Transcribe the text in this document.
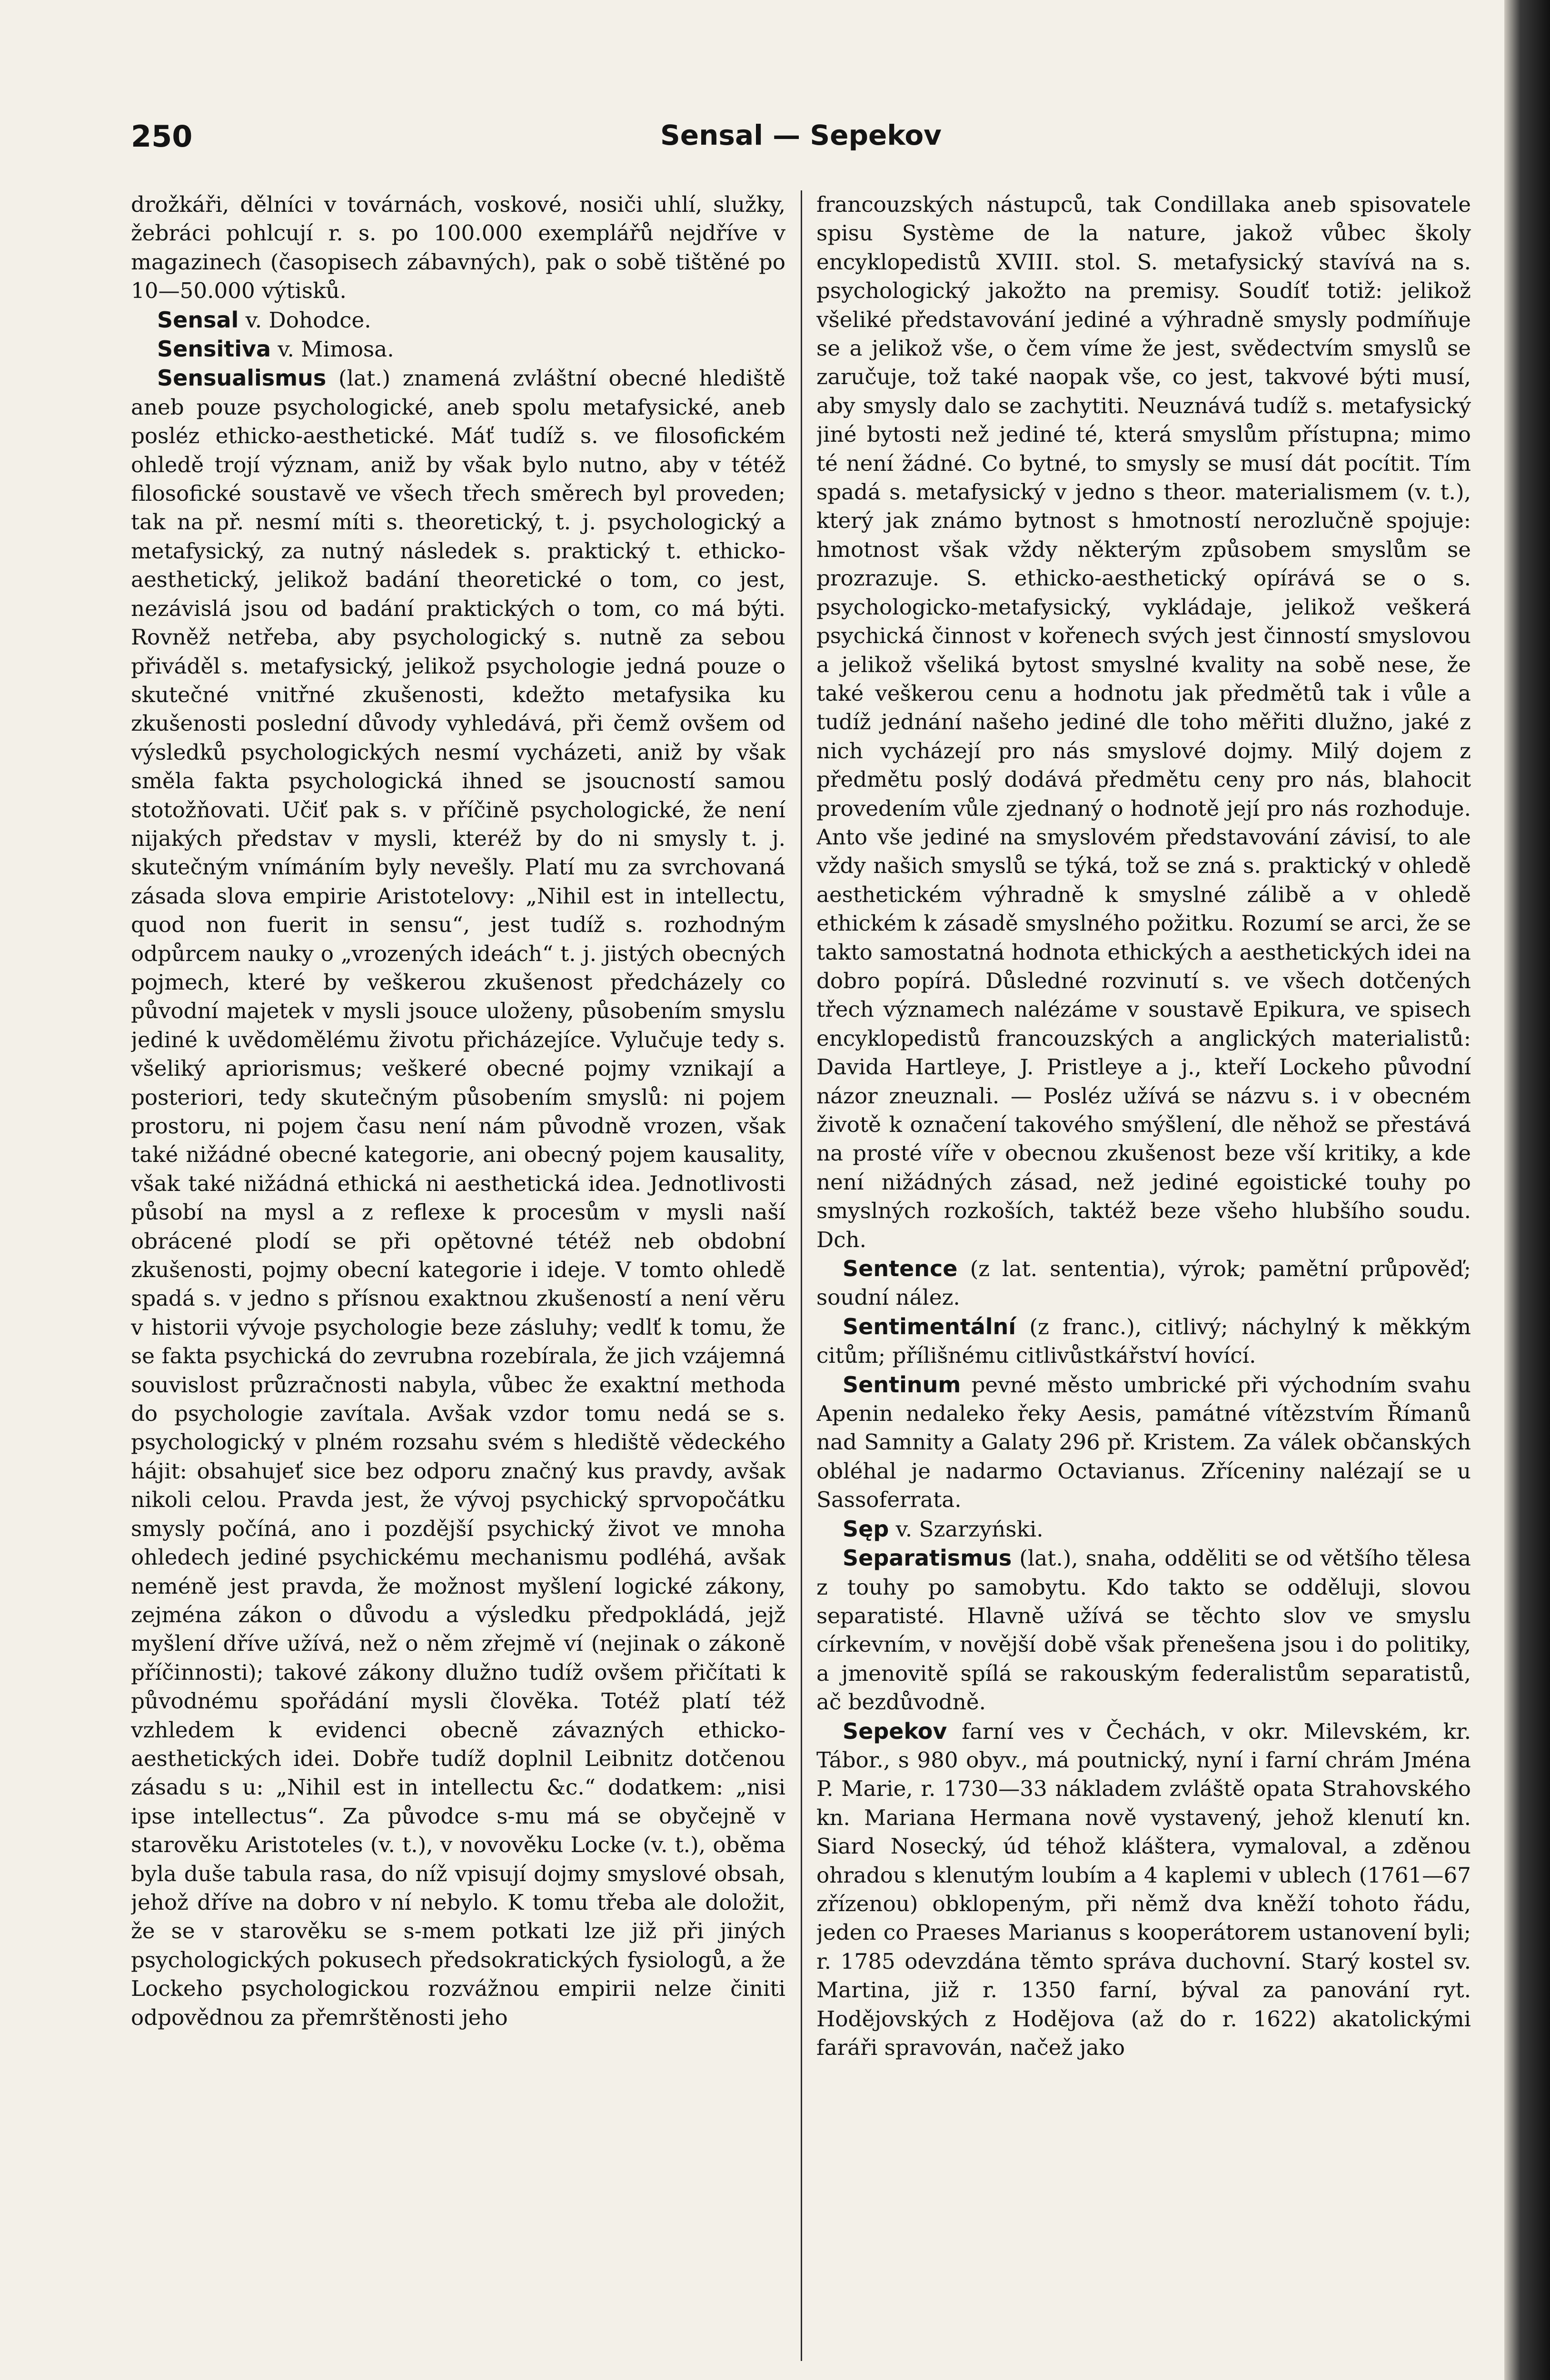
250	Sensal — Sepekov

drožkáři, dělníci v továrnách, voskové, nosiči uhlí, služky, žebráci pohlcují r. s. po 100.000 exemplářů nejdříve v magazinech (časopisech zábavných), pak o sobě tištěné po 10—50.000 výtisků.

Sensal v. Dohodce.

Sensitiva v. Mimosa.

Sensualismus (lat.) znamená zvláštní obecné hlediště aneb pouze psychologické, aneb spolu metafysické, aneb posléz ethicko-aesthetické. Máť tudíž s. ve filosofickém ohledě trojí význam, aniž by však bylo nutno, aby v tétéž filosofické soustavě ve všech třech směrech byl proveden; tak na př. nesmí míti s. theoretický, t. j. psychologický a metafysický, za nutný následek s. praktický t. ethicko-aesthetický, jelikož badání theoretické o tom, co jest, nezávislá jsou od badání praktických o tom, co má býti. Rovněž netřeba, aby psychologický s. nutně za sebou přiváděl s. metafysický, jelikož psychologie jedná pouze o skutečné vnitřné zkušenosti, kdežto metafysika ku zkušenosti poslední důvody vyhledává, při čemž ovšem od výsledků psychologických nesmí vycházeti, aniž by však směla fakta psychologická ihned se jsoucností samou stotožňovati. Učiť pak s. v příčině psychologické, že není nijakých představ v mysli, kteréž by do ni smysly t. j. skutečným vnímáním byly nevešly. Platí mu za svrchovaná zásada slova empirie Aristotelovy: „Nihil est in intellectu, quod non fuerit in sensu“, jest tudíž s. rozhodným odpůrcem nauky o „vrozených ideách“ t. j. jistých obecných pojmech, které by veškerou zkušenost předcházely co původní majetek v mysli jsouce uloženy, působením smyslu jediné k uvědomělému životu přicházejíce. Vylučuje tedy s. všeliký apriorismus; veškeré obecné pojmy vznikají a posteriori, tedy skutečným působením smyslů: ni pojem prostoru, ni pojem času není nám původně vrozen, však také nižádné obecné kategorie, ani obecný pojem kausality, však také nižádná ethická ni aesthetická idea. Jednotlivosti působí na mysl a z reflexe k procesům v mysli naší obrácené plodí se při opětovné tétéž neb obdobní zkušenosti, pojmy obecní kategorie i ideje. V tomto ohledě spadá s. v jedno s přísnou exaktnou zkušeností a není věru v historii vývoje psychologie beze zásluhy; vedlť k tomu, že se fakta psychická do zevrubna rozebírala, že jich vzájemná souvislost průzračnosti nabyla, vůbec že exaktní methoda do psychologie zavítala. Avšak vzdor tomu nedá se s. psychologický v plném rozsahu svém s hlediště vědeckého hájit: obsahujeť sice bez odporu značný kus pravdy, avšak nikoli celou. Pravda jest, že vývoj psychický sprvopočátku smysly počíná, ano i pozdější psychický život ve mnoha ohledech jediné psychickému mechanismu podléhá, avšak neméně jest pravda, že možnost myšlení logické zákony, zejména zákon o důvodu a výsledku předpokládá, jejž myšlení dříve užívá, než o něm zřejmě ví (nejinak o zákoně příčinnosti); takové zákony dlužno tudíž ovšem přičítati k původnému spořádání mysli člověka. Totéž platí též vzhledem k evidenci obecně závazných ethicko-aesthetických idei. Dobře tudíž doplnil Leibnitz dotčenou zásadu s u: „Nihil est in intellectu &c.“ dodatkem: „nisi ipse intellectus“. Za původce s-mu má se obyčejně v starověku Aristoteles (v. t.), v novověku Locke (v. t.), oběma byla duše tabula rasa, do níž vpisují dojmy smyslové obsah, jehož dříve na dobro v ní nebylo. K tomu třeba ale doložit, že se v starověku se s-mem potkati lze již při jiných psychologických pokusech předsokratických fysiologů, a že Lockeho psychologickou rozvážnou empirii nelze činiti odpovědnou za přemrštěnosti jeho

francouzských nástupců, tak Condillaka aneb spisovatele spisu Système de la nature, jakož vůbec školy encyklopedistů XVIII. stol. S. metafysický stavívá na s. psychologický jakožto na premisy. Soudíť totiž: jelikož všeliké představování jediné a výhradně smysly podmíňuje se a jelikož vše, o čem víme že jest, svědectvím smyslů se zaručuje, tož také naopak vše, co jest, takvové býti musí, aby smysly dalo se zachytiti. Neuznává tudíž s. metafysický jiné bytosti než jediné té, která smyslům přístupna; mimo té není žádné. Co bytné, to smysly se musí dát pocítit. Tím spadá s. metafysický v jedno s theor. materialismem (v. t.), který jak známo bytnost s hmotností nerozlučně spojuje: hmotnost však vždy některým způsobem smyslům se prozrazuje. S. ethicko-aesthetický opírává se o s. psychologicko-metafysický, vykládaje, jelikož veškerá psychická činnost v kořenech svých jest činností smyslovou a jelikož všeliká bytost smyslné kvality na sobě nese, že také veškerou cenu a hodnotu jak předmětů tak i vůle a tudíž jednání našeho jediné dle toho měřiti dlužno, jaké z nich vycházejí pro nás smyslové dojmy. Milý dojem z předmětu poslý dodává předmětu ceny pro nás, blahocit provedením vůle zjednaný o hodnotě její pro nás rozhoduje. Anto vše jediné na smyslovém představování závisí, to ale vždy našich smyslů se týká, tož se zná s. praktický v ohledě aesthetickém výhradně k smyslné zálibě a v ohledě ethickém k zásadě smyslného požitku. Rozumí se arci, že se takto samostatná hodnota ethických a aesthetických idei na dobro popírá. Důsledné rozvinutí s. ve všech dotčených třech významech nalézáme v soustavě Epikura, ve spisech encyklopedistů francouzských a anglických materialistů: Davida Hartleye, J. Pristleye a j., kteří Lockeho původní názor zneuznali. — Posléz užívá se názvu s. i v obecném životě k označení takového smýšlení, dle něhož se přestává na prosté víře v obecnou zkušenost beze vší kritiky, a kde není nižádných zásad, než jediné egoistické touhy po smyslných rozkoších, taktéž beze všeho hlubšího soudu. Dch.

Sentence (z lat. sententia), výrok; pamětní průpověď; soudní nález.

Sentimentální (z franc.), citlivý; náchylný k měkkým citům; přílišnému citlivůstkářství hovící.

Sentinum pevné město umbrické při východním svahu Apenin nedaleko řeky Aesis, památné vítězstvím Římanů nad Samnity a Galaty 296 př. Kristem. Za válek občanských obléhal je nadarmo Octavianus. Zříceniny nalézají se u Sassoferrata.

Sęp v. Szarzyński.

Separatismus (lat.), snaha, odděliti se od většího tělesa z touhy po samobytu. Kdo takto se odděluji, slovou separatisté. Hlavně užívá se těchto slov ve smyslu církevním, v novější době však přenešena jsou i do politiky, a jmenovitě spílá se rakouským federalistům separatistů, ač bezdůvodně.

Sepekov farní ves v Čechách, v okr. Milevském, kr. Tábor., s 980 obyv., má poutnický, nyní i farní chrám Jména P. Marie, r. 1730—33 nákladem zvláště opata Strahovského kn. Mariana Hermana nově vystavený, jehož klenutí kn. Siard Nosecký, úd téhož kláštera, vymaloval, a zděnou ohradou s klenutým loubím a 4 kaplemi v ublech (1761—67 zřízenou) obklopeným, při němž dva kněží tohoto řádu, jeden co Praeses Marianus s kooperátorem ustanovení byli; r. 1785 odevzdána těmto správa duchovní. Starý kostel sv. Martina, již r. 1350 farní, býval za panování ryt. Hodějovských z Hodějova (až do r. 1622) akatolickými faráři spravován, načež jako
